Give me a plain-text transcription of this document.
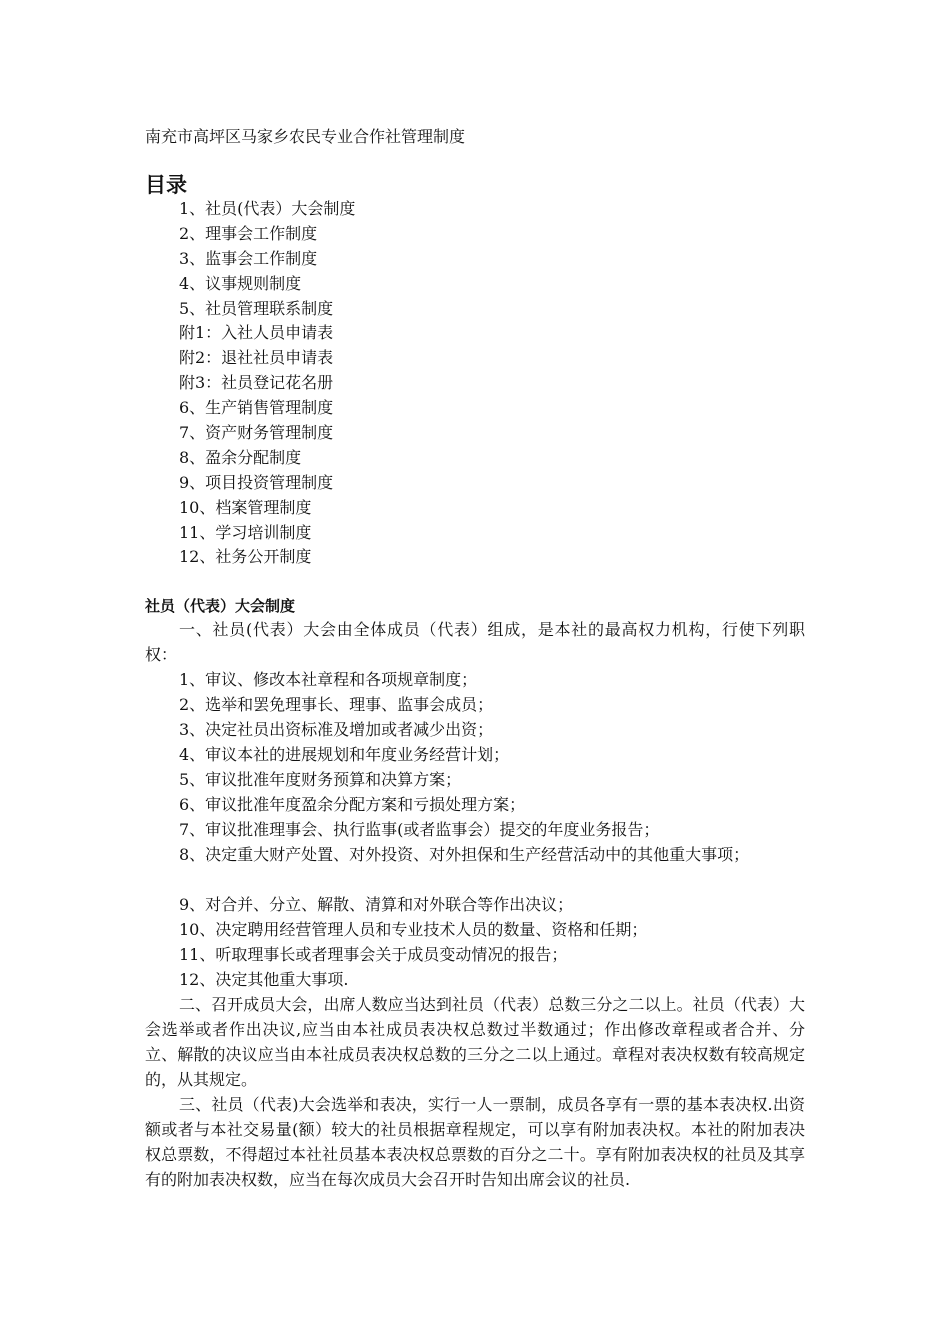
南充市高坪区马家乡农民专业合作社管理制度
目录
1、社员(代表）大会制度
2、理事会工作制度
3、监事会工作制度
4、议事规则制度
5、社员管理联系制度
附1：入社人员申请表
附2：退社社员申请表
附3：社员登记花名册
6、生产销售管理制度
7、资产财务管理制度
8、盈余分配制度
9、项目投资管理制度
10、档案管理制度
11、学习培训制度
12、社务公开制度
社员（代表）大会制度

一、社员(代表）大会由全体成员（代表）组成，是本社的最高权力机构，行使下列职权：

1、审议、修改本社章程和各项规章制度；

2、选举和罢免理事长、理事、监事会成员；

3、决定社员出资标准及增加或者减少出资；

4、审议本社的进展规划和年度业务经营计划；

5、审议批准年度财务预算和决算方案；

6、审议批准年度盈余分配方案和亏损处理方案；

7、审议批准理事会、执行监事(或者监事会）提交的年度业务报告；

8、决定重大财产处置、对外投资、对外担保和生产经营活动中的其他重大事项；

9、对合并、分立、解散、清算和对外联合等作出决议；

10、决定聘用经营管理人员和专业技术人员的数量、资格和任期；

11、听取理事长或者理事会关于成员变动情况的报告；

12、决定其他重大事项.

二、召开成员大会，出席人数应当达到社员（代表）总数三分之二以上。社员（代表）大会选举或者作出决议,应当由本社成员表决权总数过半数通过；作出修改章程或者合并、分立、解散的决议应当由本社成员表决权总数的三分之二以上通过。章程对表决权数有较高规定的，从其规定。

三、社员（代表)大会选举和表决，实行一人一票制，成员各享有一票的基本表决权.出资额或者与本社交易量(额）较大的社员根据章程规定，可以享有附加表决权。本社的附加表决权总票数，不得超过本社社员基本表决权总票数的百分之二十。享有附加表决权的社员及其享有的附加表决权数，应当在每次成员大会召开时告知出席会议的社员.
